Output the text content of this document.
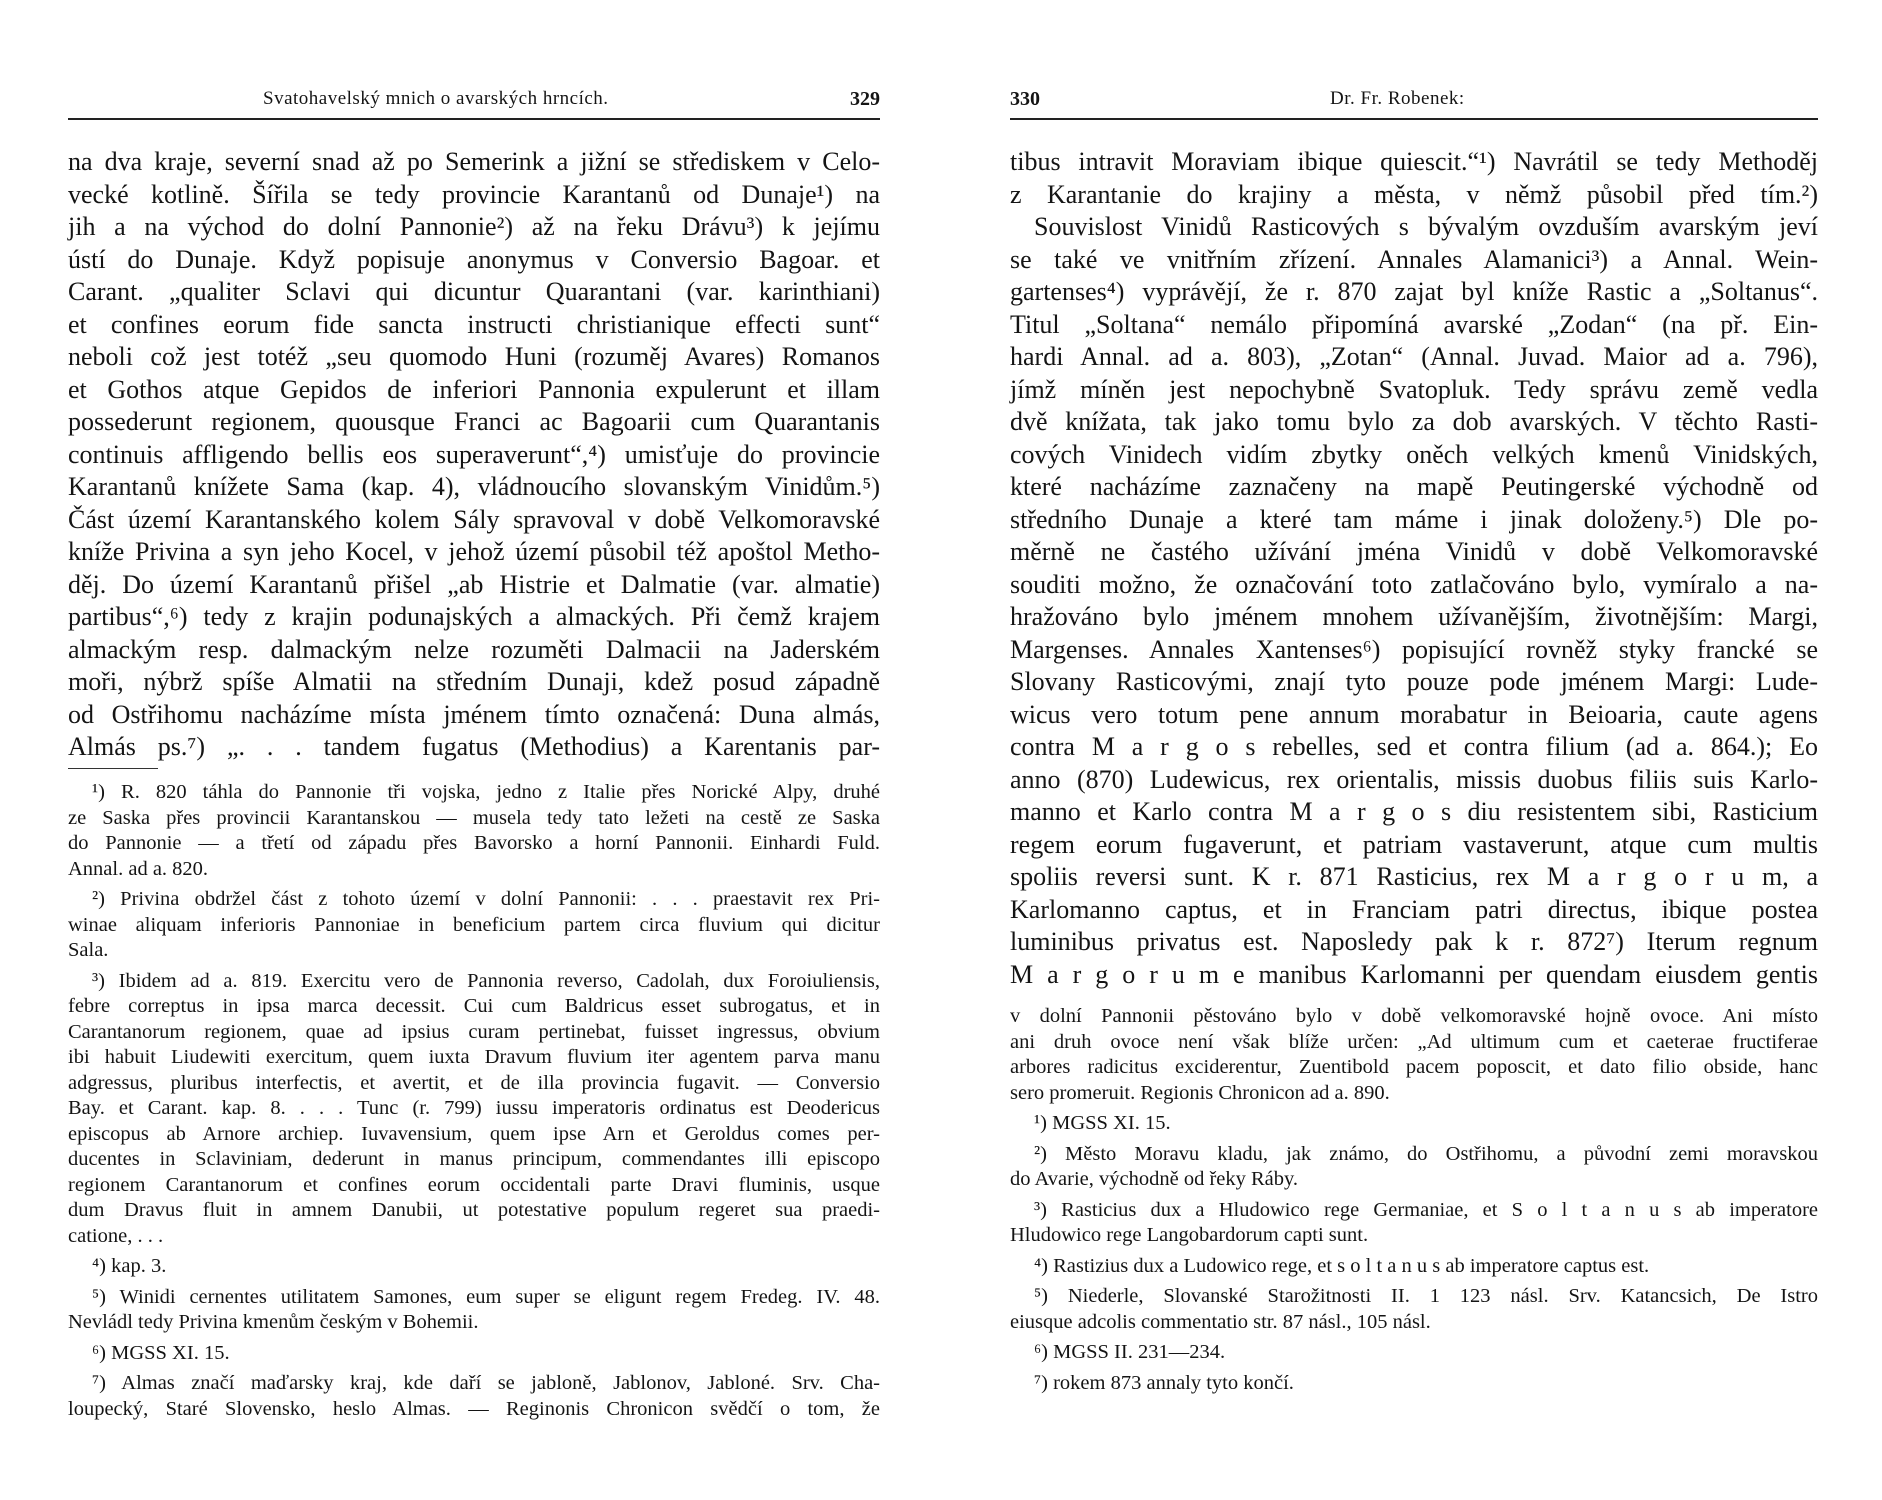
Svatohavelský mnich o avarských hrncích.	329
na dva kraje, severní snad až po Semerink a jižní se střediskem v Celo-
vecké kotlině. Šířila se tedy provincie Karantanů od Dunaje¹) na
jih a na východ do dolní Pannonie²) až na řeku Drávu³) k jejímu
ústí do Dunaje. Když popisuje anonymus v Conversio Bagoar. et
Carant. „qualiter Sclavi qui dicuntur Quarantani (var. karinthiani)
et confines eorum fide sancta instructi christianique effecti sunt“
neboli což jest totéž „seu quomodo Huni (rozuměj Avares) Romanos
et Gothos atque Gepidos de inferiori Pannonia expulerunt et illam
possederunt regionem, quousque Franci ac Bagoarii cum Quarantanis
continuis affligendo bellis eos superaverunt“,⁴) umisťuje do provincie
Karantanů knížete Sama (kap. 4), vládnoucího slovanským Vinidům.⁵)
Část území Karantanského kolem Sály spravoval v době Velkomoravské
kníže Privina a syn jeho Kocel, v jehož území působil též apoštol Metho-
děj. Do území Karantanů přišel „ab Histrie et Dalmatie (var. almatie)
partibus“,⁶) tedy z krajin podunajských a almackých. Při čemž krajem
almackým resp. dalmackým nelze rozuměti Dalmacii na Jaderském
moři, nýbrž spíše Almatii na středním Dunaji, kdež posud západně
od Ostřihomu nacházíme místa jménem tímto označená: Duna almás,
Almás ps.⁷) „. . . tandem fugatus (Methodius) a Karentanis par-
¹) R. 820 táhla do Pannonie tři vojska, jedno z Italie přes Norické Alpy, druhé
ze Saska přes provincii Karantanskou — musela tedy tato ležeti na cestě ze Saska
do Pannonie — a třetí od západu přes Bavorsko a horní Pannonii. Einhardi Fuld.
Annal. ad a. 820.
²) Privina obdržel část z tohoto území v dolní Pannonii: . . . praestavit rex Pri-
winae aliquam inferioris Pannoniae in beneficium partem circa fluvium qui dicitur
Sala.
³) Ibidem ad a. 819. Exercitu vero de Pannonia reverso, Cadolah, dux Foroiuliensis,
febre correptus in ipsa marca decessit. Cui cum Baldricus esset subrogatus, et in
Carantanorum regionem, quae ad ipsius curam pertinebat, fuisset ingressus, obvium
ibi habuit Liudewiti exercitum, quem iuxta Dravum fluvium iter agentem parva manu
adgressus, pluribus interfectis, et avertit, et de illa provincia fugavit. — Conversio
Bay. et Carant. kap. 8. . . . Tunc (r. 799) iussu imperatoris ordinatus est Deodericus
episcopus ab Arnore archiep. Iuvavensium, quem ipse Arn et Geroldus comes per-
ducentes in Sclaviniam, dederunt in manus principum, commendantes illi episcopo
regionem Carantanorum et confines eorum occidentali parte Dravi fluminis, usque
dum Dravus fluit in amnem Danubii, ut potestative populum regeret sua praedi-
catione, . . .
⁴) kap. 3.
⁵) Winidi cernentes utilitatem Samones, eum super se eligunt regem Fredeg. IV. 48.
Nevládl tedy Privina kmenům českým v Bohemii.
⁶) MGSS XI. 15.
⁷) Almas značí maďarsky kraj, kde daří se jabloně, Jablonov, Jabloné. Srv. Cha-
loupecký, Staré Slovensko, heslo Almas. — Reginonis Chronicon svědčí o tom, že
330	Dr. Fr. Robenek:
tibus intravit Moraviam ibique quiescit.“¹) Navrátil se tedy Methoděj
z Karantanie do krajiny a města, v němž působil před tím.²)
Souvislost Vinidů Rasticových s bývalým ovzduším avarským jeví
se také ve vnitřním zřízení. Annales Alamanici³) a Annal. Wein-
gartenses⁴) vyprávějí, že r. 870 zajat byl kníže Rastic a „Soltanus“.
Titul „Soltana“ nemálo připomíná avarské „Zodan“ (na př. Ein-
hardi Annal. ad a. 803), „Zotan“ (Annal. Juvad. Maior ad a. 796),
jímž míněn jest nepochybně Svatopluk. Tedy správu země vedla
dvě knížata, tak jako tomu bylo za dob avarských. V těchto Rasti-
cových Vinidech vidím zbytky oněch velkých kmenů Vinidských,
které nacházíme zaznačeny na mapě Peutingerské východně od
středního Dunaje a které tam máme i jinak doloženy.⁵) Dle po-
měrně ne častého užívání jména Vinidů v době Velkomoravské
souditi možno, že označování toto zatlačováno bylo, vymíralo a na-
hražováno bylo jménem mnohem užívanějším, životnějším: Margi,
Margenses. Annales Xantenses⁶) popisující rovněž styky francké se
Slovany Rasticovými, znají tyto pouze pode jménem Margi: Lude-
wicus vero totum pene annum morabatur in Beioaria, caute agens
contra M a r g o s rebelles, sed et contra filium (ad a. 864.); Eo
anno (870) Ludewicus, rex orientalis, missis duobus filiis suis Karlo-
manno et Karlo contra M a r g o s diu resistentem sibi, Rasticium
regem eorum fugaverunt, et patriam vastaverunt, atque cum multis
spoliis reversi sunt. K r. 871 Rasticius, rex M a r g o r u m, a
Karlomanno captus, et in Franciam patri directus, ibique postea
luminibus privatus est. Naposledy pak k r. 872⁷) Iterum regnum
M a r g o r u m e manibus Karlomanni per quendam eiusdem gentis
v dolní Pannonii pěstováno bylo v době velkomoravské hojně ovoce. Ani místo
ani druh ovoce není však blíže určen: „Ad ultimum cum et caeterae fructiferae
arbores radicitus exciderentur, Zuentibold pacem poposcit, et dato filio obside, hanc
sero promeruit. Regionis Chronicon ad a. 890.
¹) MGSS XI. 15.
²) Město Moravu kladu, jak známo, do Ostřihomu, a původní zemi moravskou
do Avarie, východně od řeky Ráby.
³) Rasticius dux a Hludowico rege Germaniae, et S o l t a n u s ab imperatore
Hludowico rege Langobardorum capti sunt.
⁴) Rastizius dux a Ludowico rege, et s o l t a n u s ab imperatore captus est.
⁵) Niederle, Slovanské Starožitnosti II. 1 123 násl. Srv. Katancsich, De Istro
eiusque adcolis commentatio str. 87 násl., 105 násl.
⁶) MGSS II. 231—234.
⁷) rokem 873 annaly tyto končí.
